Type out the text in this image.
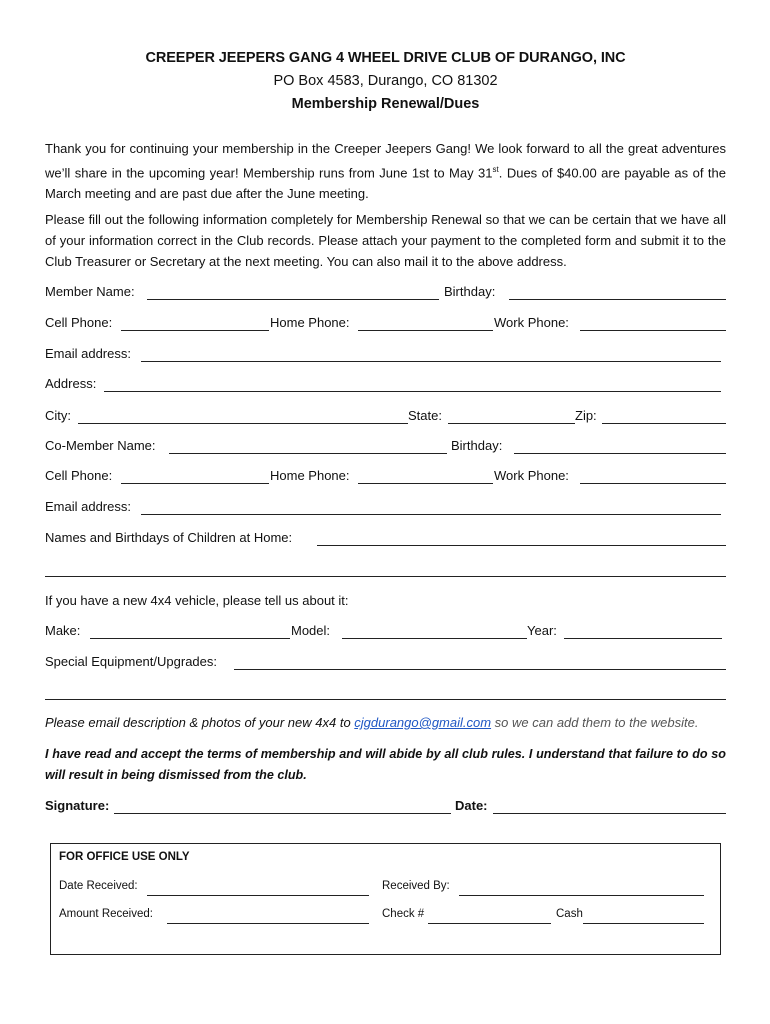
CREEPER JEEPERS GANG 4 WHEEL DRIVE CLUB OF DURANGO, INC
PO Box 4583, Durango, CO 81302
Membership Renewal/Dues
Thank you for continuing your membership in the Creeper Jeepers Gang! We look forward to all the great adventures we’ll share in the upcoming year! Membership runs from June 1st to May 31st. Dues of $40.00 are payable as of the March meeting and are past due after the June meeting.
Please fill out the following information completely for Membership Renewal so that we can be certain that we have all of your information correct in the Club records. Please attach your payment to the completed form and submit it to the Club Treasurer or Secretary at the next meeting. You can also mail it to the above address.
Member Name:	Birthday:
Cell Phone:	Home Phone:	Work Phone:
Email address:
Address:
City:	State:	Zip:
Co-Member Name:	Birthday:
Cell Phone:	Home Phone:	Work Phone:
Email address:
Names and Birthdays of Children at Home:
If you have a new 4x4 vehicle, please tell us about it:
Make:	Model:	Year:
Special Equipment/Upgrades:
Please email description & photos of your new 4x4 to cjgdurango@gmail.com so we can add them to the website.
I have read and accept the terms of membership and will abide by all club rules. I understand that failure to do so will result in being dismissed from the club.
Signature:	Date:
FOR OFFICE USE ONLY
Date Received:	Received By:
Amount Received:	Check #	Cash
